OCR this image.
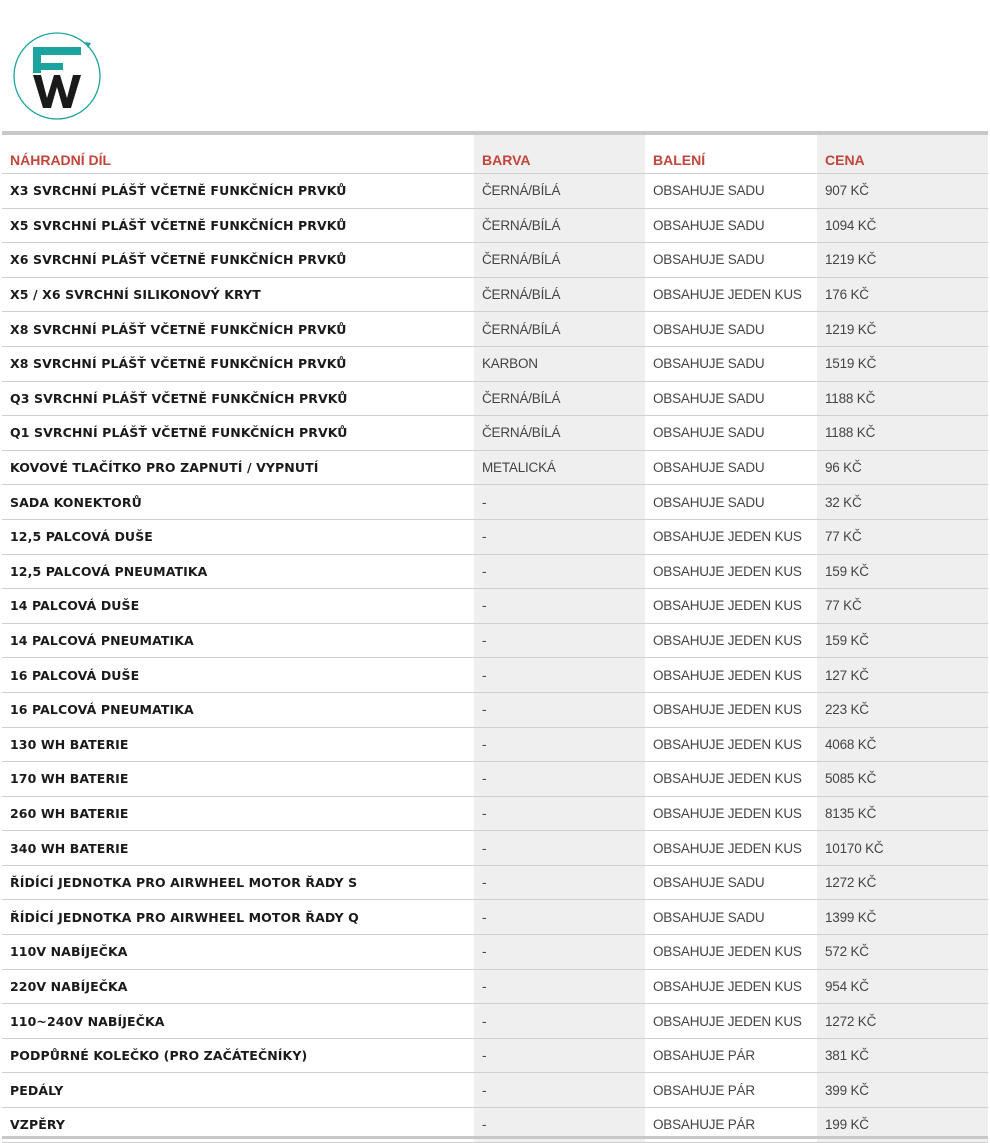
NÁHRADNÍ DÍL	BARVA	BALENÍ	CENA
X3 SVRCHNÍ PLÁŠŤ VČETNĚ FUNKČNÍCH PRVKŮ	ČERNÁ/BÍLÁ	OBSAHUJE SADU	907 KČ
X5 SVRCHNÍ PLÁŠŤ VČETNĚ FUNKČNÍCH PRVKŮ	ČERNÁ/BÍLÁ	OBSAHUJE SADU	1094 KČ
X6 SVRCHNÍ PLÁŠŤ VČETNĚ FUNKČNÍCH PRVKŮ	ČERNÁ/BÍLÁ	OBSAHUJE SADU	1219 KČ
X5 / X6 SVRCHNÍ SILIKONOVÝ KRYT	ČERNÁ/BÍLÁ	OBSAHUJE JEDEN KUS	176 KČ
X8 SVRCHNÍ PLÁŠŤ VČETNĚ FUNKČNÍCH PRVKŮ	ČERNÁ/BÍLÁ	OBSAHUJE SADU	1219 KČ
X8 SVRCHNÍ PLÁŠŤ VČETNĚ FUNKČNÍCH PRVKŮ	KARBON	OBSAHUJE SADU	1519 KČ
Q3 SVRCHNÍ PLÁŠŤ VČETNĚ FUNKČNÍCH PRVKŮ	ČERNÁ/BÍLÁ	OBSAHUJE SADU	1188 KČ
Q1 SVRCHNÍ PLÁŠŤ VČETNĚ FUNKČNÍCH PRVKŮ	ČERNÁ/BÍLÁ	OBSAHUJE SADU	1188 KČ
KOVOVÉ TLAČÍTKO PRO ZAPNUTÍ / VYPNUTÍ	METALICKÁ	OBSAHUJE SADU	96 KČ
SADA KONEKTORŮ	-	OBSAHUJE SADU	32 KČ
12,5 PALCOVÁ DUŠE	-	OBSAHUJE JEDEN KUS	77 KČ
12,5 PALCOVÁ PNEUMATIKA	-	OBSAHUJE JEDEN KUS	159 KČ
14 PALCOVÁ DUŠE	-	OBSAHUJE JEDEN KUS	77 KČ
14 PALCOVÁ PNEUMATIKA	-	OBSAHUJE JEDEN KUS	159 KČ
16 PALCOVÁ DUŠE	-	OBSAHUJE JEDEN KUS	127 KČ
16 PALCOVÁ PNEUMATIKA	-	OBSAHUJE JEDEN KUS	223 KČ
130 WH BATERIE	-	OBSAHUJE JEDEN KUS	4068 KČ
170 WH BATERIE	-	OBSAHUJE JEDEN KUS	5085 KČ
260 WH BATERIE	-	OBSAHUJE JEDEN KUS	8135 KČ
340 WH BATERIE	-	OBSAHUJE JEDEN KUS	10170 KČ
ŘÍDÍCÍ JEDNOTKA PRO AIRWHEEL MOTOR ŘADY S	-	OBSAHUJE SADU	1272 KČ
ŘÍDÍCÍ JEDNOTKA PRO AIRWHEEL MOTOR ŘADY Q	-	OBSAHUJE SADU	1399 KČ
110V NABÍJEČKA	-	OBSAHUJE JEDEN KUS	572 KČ
220V NABÍJEČKA	-	OBSAHUJE JEDEN KUS	954 KČ
110~240V NABÍJEČKA	-	OBSAHUJE JEDEN KUS	1272 KČ
PODPŮRNÉ KOLEČKO (PRO ZAČÁTEČNÍKY)	-	OBSAHUJE PÁR	381 KČ
PEDÁLY	-	OBSAHUJE PÁR	399 KČ
VZPĚRY	-	OBSAHUJE PÁR	199 KČ
